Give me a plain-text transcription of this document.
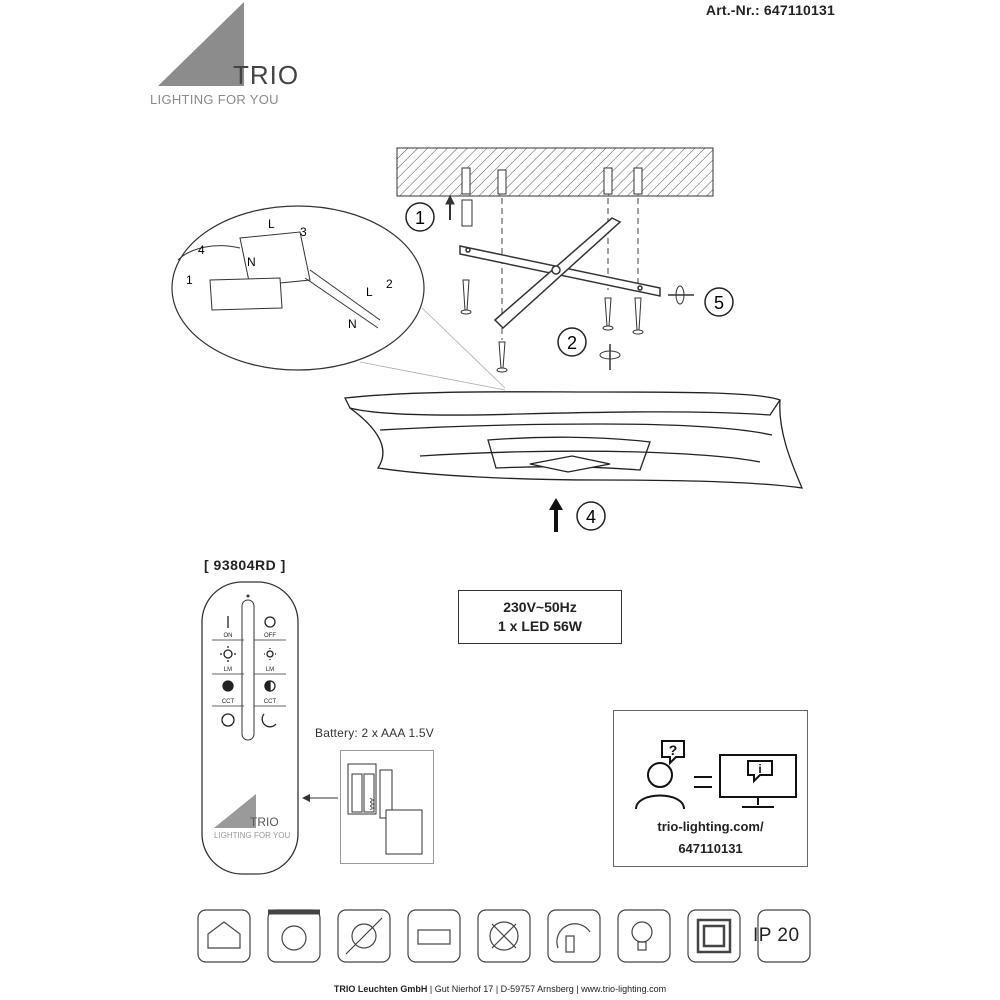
Art.-Nr.: 647110131
TRIO
LIGHTING FOR YOU
1
2
4
5
L
3
N
4
1
L
2
N
[ 93804RD ]
ON	OFF
LM	LM
CCT	CCT
TRIO
LIGHTING FOR YOU
Battery: 2 x AAA 1.5V
AAA
230V~50Hz
1 x LED 56W
?
i
trio-lighting.com/
647110131
IP 20
TRIO Leuchten GmbH | Gut Nierhof 17 | D-59757 Arnsberg | www.trio-lighting.com
